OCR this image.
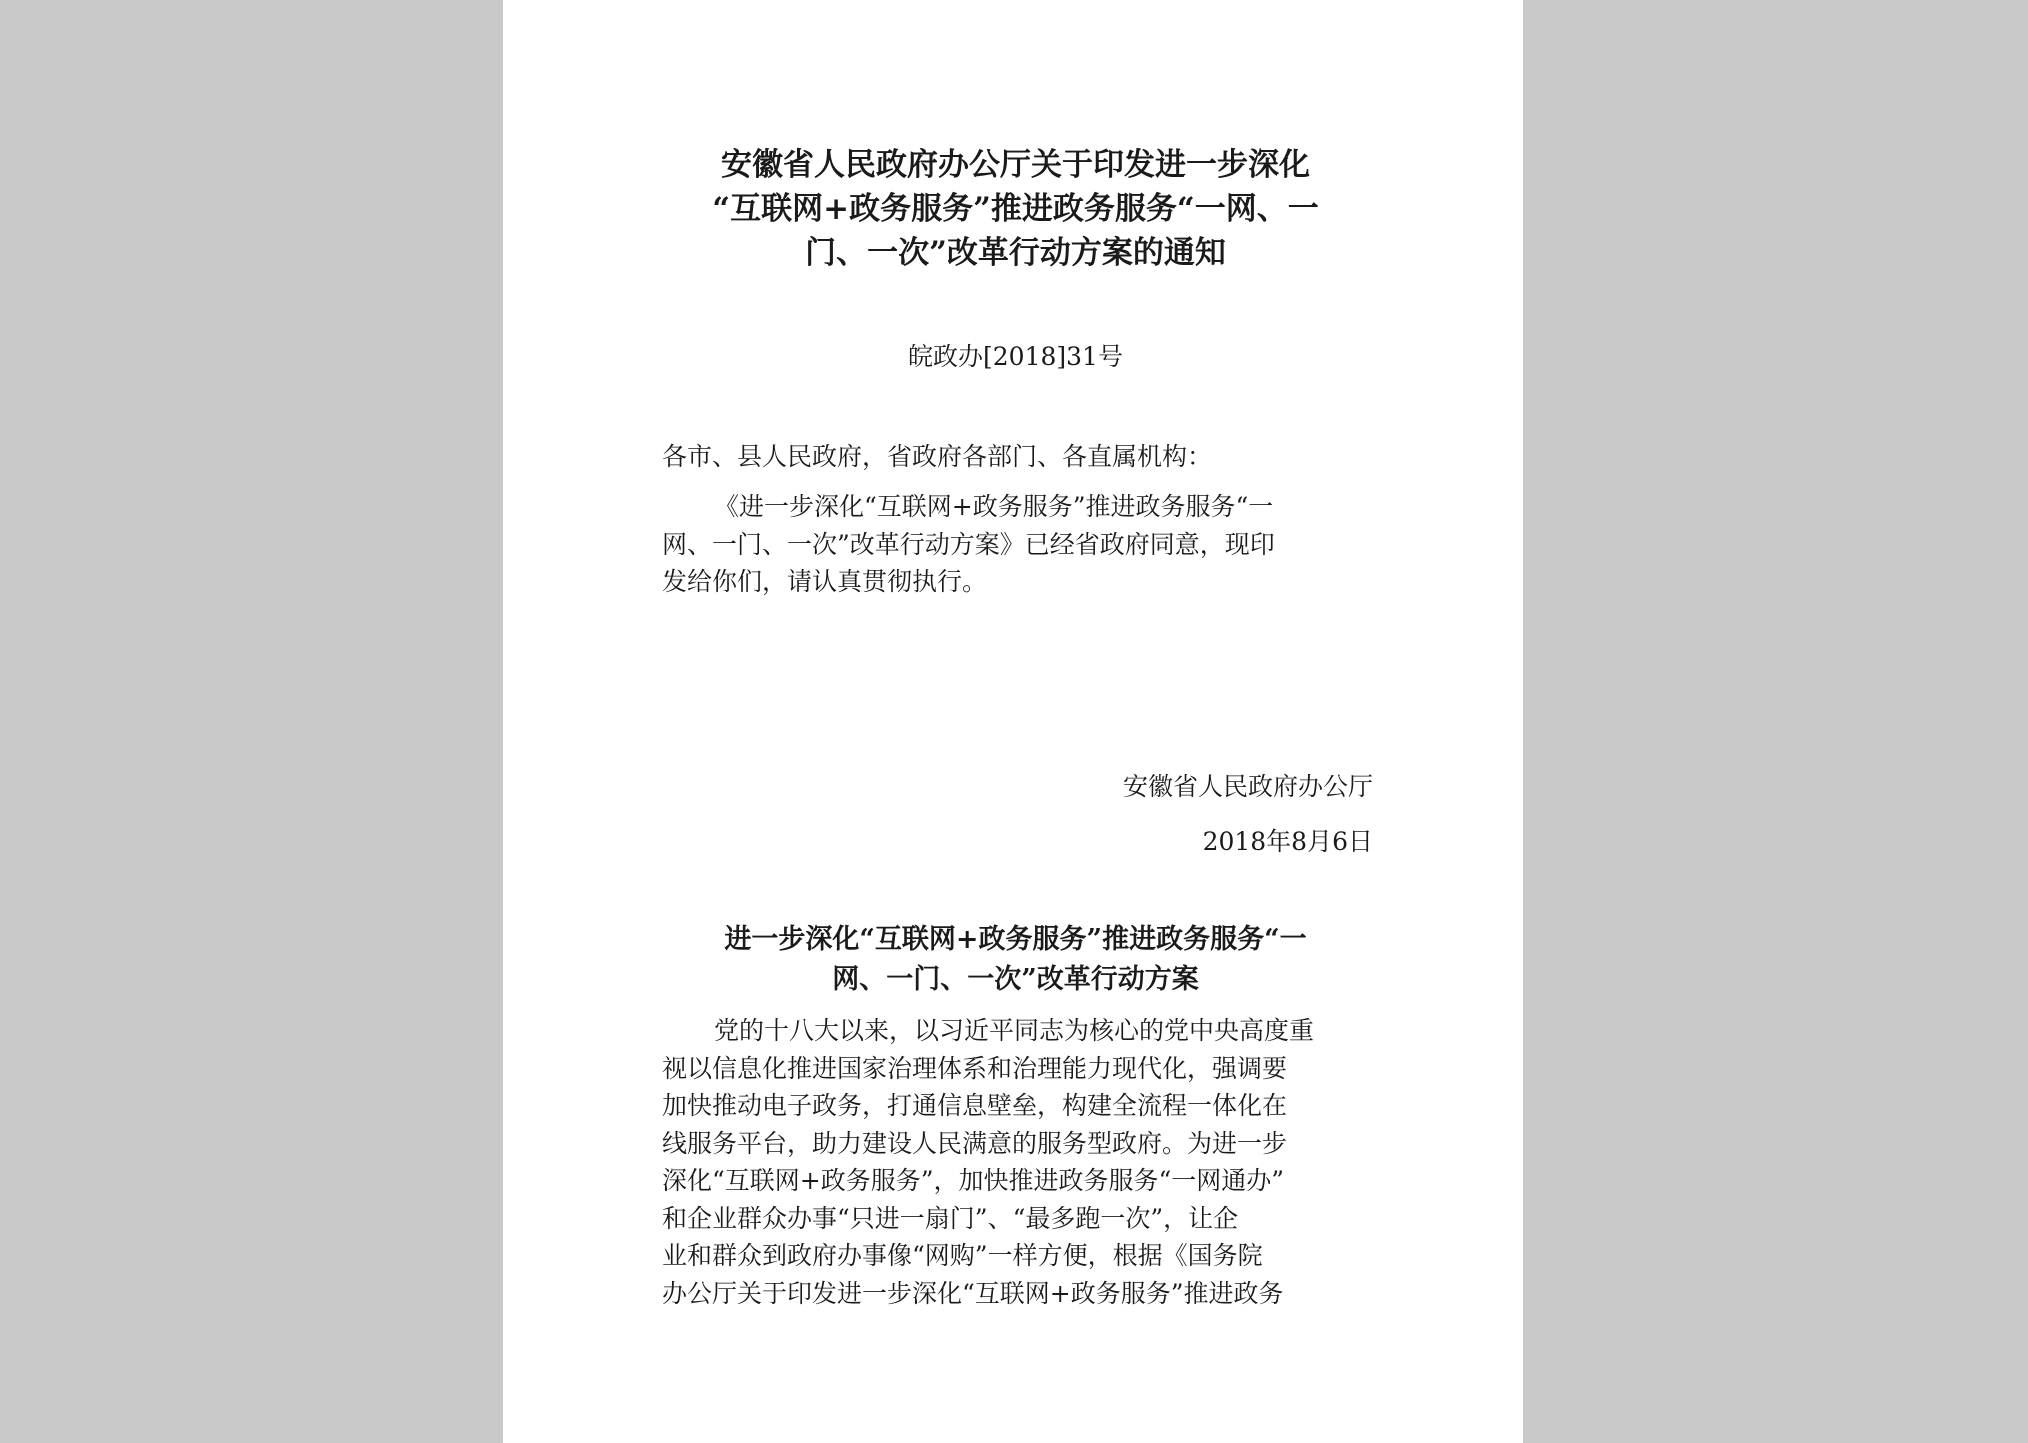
安徽省人民政府办公厅关于印发进一步深化
“互联网+政务服务”推进政务服务“一网、一
门、一次”改革行动方案的通知

皖政办[2018]31号

各市、县人民政府，省政府各部门、各直属机构：

《进一步深化“互联网+政务服务”推进政务服务“一
网、一门、一次”改革行动方案》已经省政府同意，现印
发给你们，请认真贯彻执行。

安徽省人民政府办公厅

2018年8月6日

进一步深化“互联网+政务服务”推进政务服务“一
网、一门、一次”改革行动方案

党的十八大以来，以习近平同志为核心的党中央高度重
视以信息化推进国家治理体系和治理能力现代化，强调要
加快推动电子政务，打通信息壁垒，构建全流程一体化在
线服务平台，助力建设人民满意的服务型政府。为进一步
深化“互联网+政务服务”，加快推进政务服务“一网通办”
和企业群众办事“只进一扇门”、“最多跑一次”，让企
业和群众到政府办事像“网购”一样方便，根据《国务院
办公厅关于印发进一步深化“互联网+政务服务”推进政务
